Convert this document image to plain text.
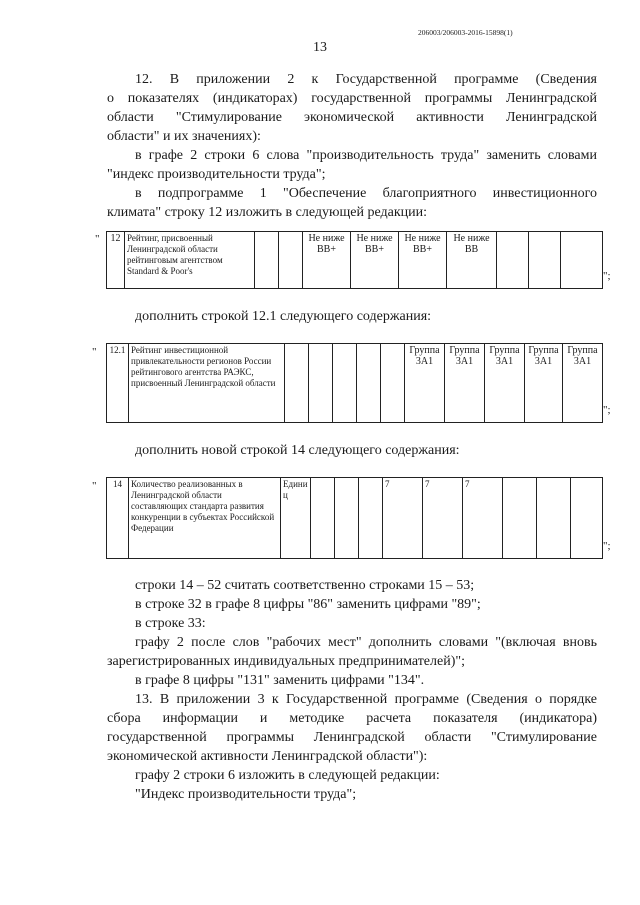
206003/206003-2016-15898(1)
13
12. В приложении 2 к Государственной программе (Сведения
о показателях (индикаторах) государственной программы Ленинградской
области "Стимулирование экономической активности Ленинградской
области" и их значениях):
в графе 2 строки 6 слова "производительность труда" заменить словами
"индекс производительности труда";
в подпрограмме 1 "Обеспечение благоприятного инвестиционного
климата" строку 12 изложить в следующей редакции:
" 12	Рейтинг, присвоенный Ленинградской области рейтинговым агентством Standard & Poor's			Не ниже BB+	Не ниже BB+	Не ниже BB+	Не ниже BB			
";
дополнить строкой 12.1 следующего содержания:
" 12.1	Рейтинг инвестиционной привлекательности регионов России рейтингового агентства РАЭКС, присвоенный Ленинградской области						Группа 3А1	Группа 3А1	Группа 3А1	Группа 3А1	Группа 3А1
";
дополнить новой строкой 14 следующего содержания:
" 14	Количество реализованных в Ленинградской области составляющих стандарта развития конкуренции в субъектах Российской Федерации	Единиц				7	7	7			
";
строки 14 – 52 считать соответственно строками 15 – 53;
в строке 32 в графе 8 цифры "86" заменить цифрами "89";
в строке 33:
графу 2 после слов "рабочих мест" дополнить словами "(включая вновь
зарегистрированных индивидуальных предпринимателей)";
в графе 8 цифры "131" заменить цифрами "134".
13. В приложении 3 к Государственной программе (Сведения о порядке
сбора информации и методике расчета показателя (индикатора)
государственной программы Ленинградской области "Стимулирование
экономической активности Ленинградской области"):
графу 2 строки 6 изложить в следующей редакции:
"Индекс производительности труда";
